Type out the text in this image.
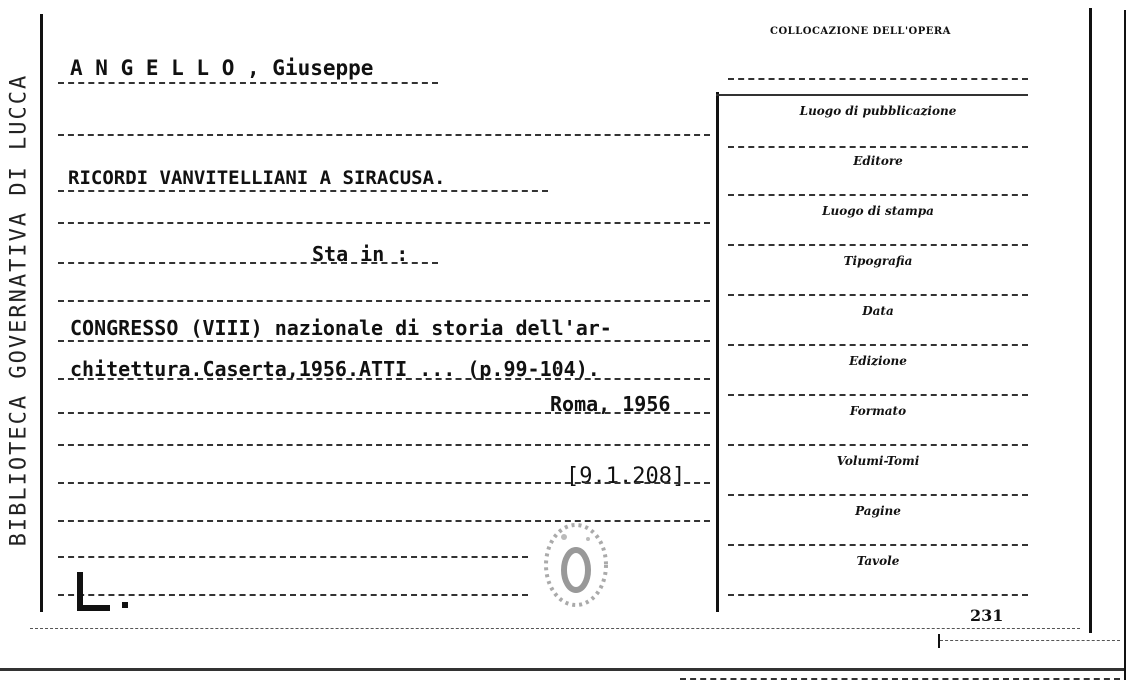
BIBLIOTECA GOVERNATIVA DI LUCCA
COLLOCAZIONE DELL'OPERA
A N G E L L O , Giuseppe
RICORDI VANVITELLIANI A SIRACUSA.
Sta in :
CONGRESSO (VIII) nazionale di storia dell'ar-
chitettura.Caserta,1956.ATTI ... (p.99-104).
Roma, 1956
[9.1.208]
Luogo di pubblicazione
Editore
Luogo di stampa
Tipografia
Data
Edizione
Formato
Volumi-Tomi
Pagine
Tavole
231
